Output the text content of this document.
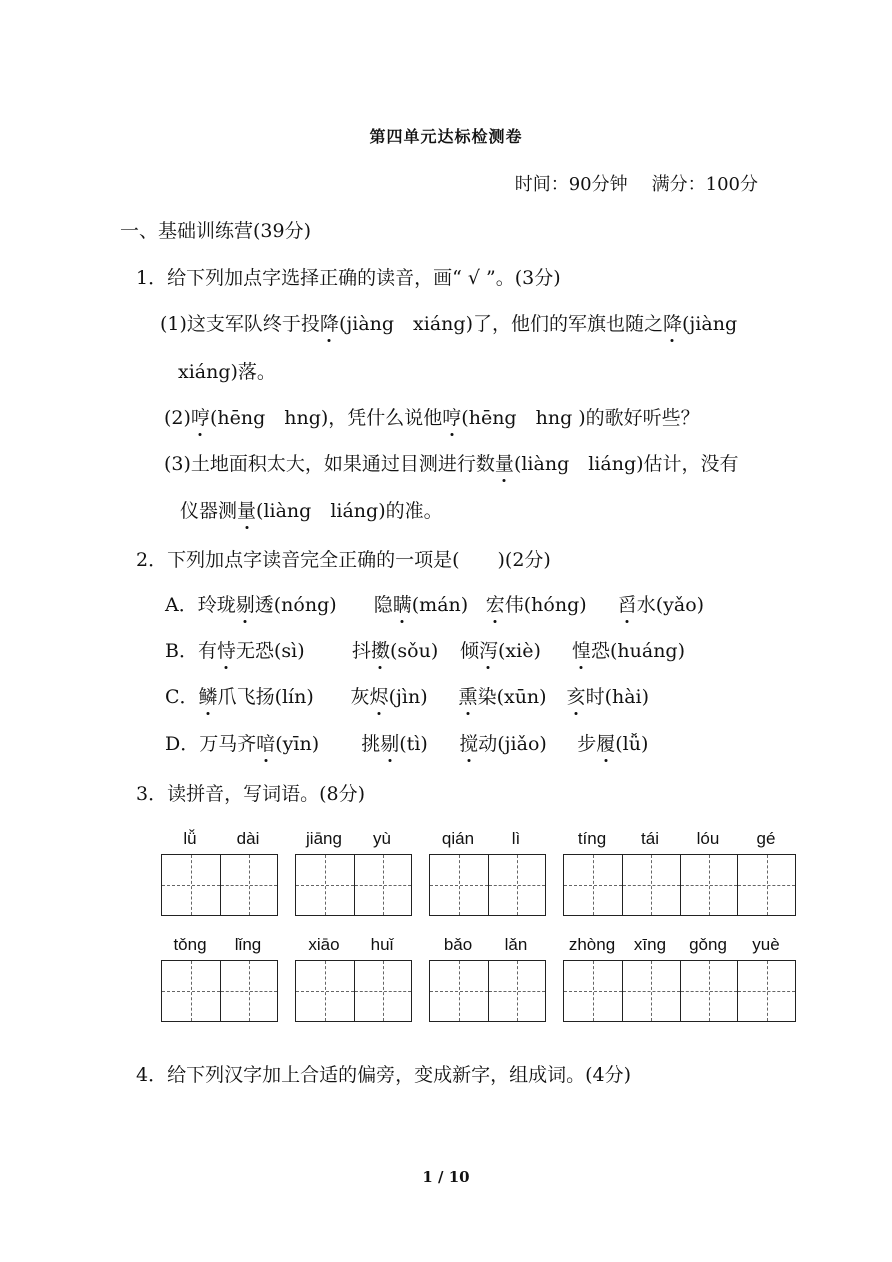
第四单元达标检测卷
时间：90分钟 满分：100分
一、基础训练营(39分)
1．给下列加点字选择正确的读音，画“ √ ”。(3分)
(1)这支军队终于投降(jiàng　xiáng)了，他们的军旗也随之降(jiàng
xiáng)落。
(2)哼(hēng　hng)，凭什么说他哼(hēng　hng )的歌好听些？
(3)土地面积太大，如果通过目测进行数量(liàng　liáng)估计，没有
仪器测量(liàng　liáng)的准。
2．下列加点字读音完全正确的一项是(　　)(2分)
A．玲珑剔透(nóng) 隐瞒(mán) 宏伟(hóng) 舀水(yǎo)
B．有恃无恐(sì) 抖擞(sǒu) 倾泻(xiè) 惶恐(huáng)
C．鳞爪飞扬(lín) 灰烬(jìn) 熏染(xūn) 亥时(hài)
D．万马齐喑(yīn) 挑剔(tì) 搅动(jiǎo) 步履(lǚ)
3．读拼音，写词语。(8分)
lǚ	dài	jiāng	yù	qián	lì	tíng	tái	lóu	gé
tǒng	lǐng	xiāo	huǐ	bǎo	lǎn	zhòng	xīng	gǒng	yuè
4．给下列汉字加上合适的偏旁，变成新字，组成词。(4分)
1 / 10
